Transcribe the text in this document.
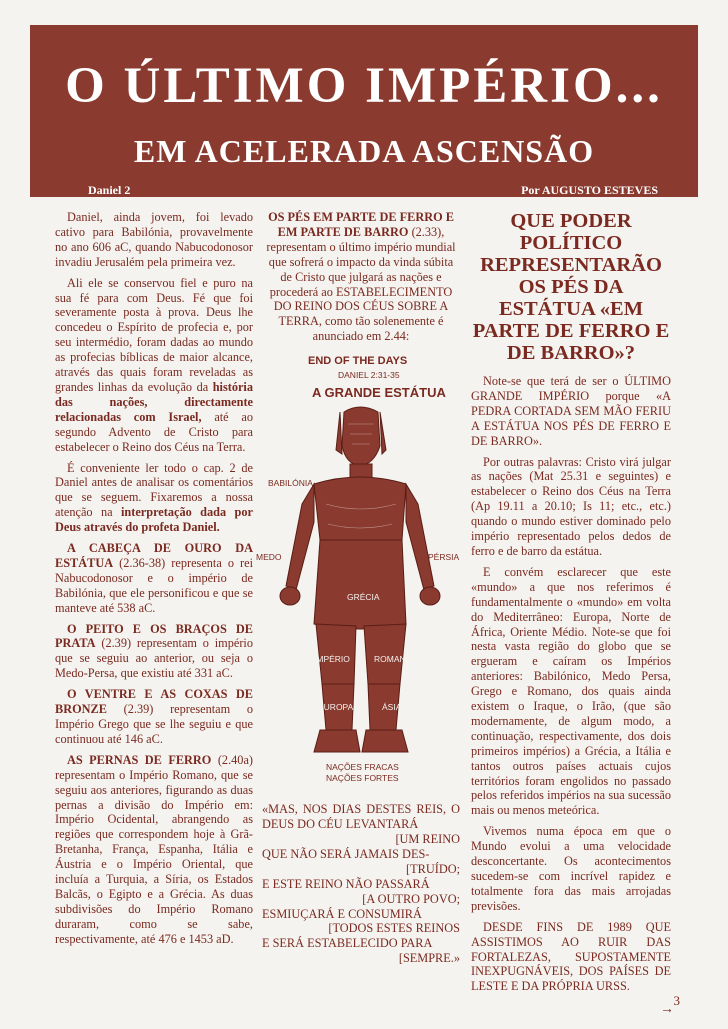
O ÚLTIMO IMPÉRIO...
EM ACELERADA ASCENSÃO
Daniel 2	Por AUGUSTO ESTEVES

Daniel, ainda jovem, foi levado cativo para Babilónia, provavelmente no ano 606 aC, quando Nabucodonosor invadiu Jerusalém pela primeira vez.

Ali ele se conservou fiel e puro na sua fé para com Deus. Fé que foi severamente posta à prova. Deus lhe concedeu o Espírito de profecia e, por seu intermédio, foram dadas ao mundo as profecias bíblicas de maior alcance, através das quais foram reveladas as grandes linhas da evolução da história das nações, directamente relacionadas com Israel, até ao segundo Advento de Cristo para estabelecer o Reino dos Céus na Terra.

É conveniente ler todo o cap. 2 de Daniel antes de analisar os comentários que se seguem. Fixaremos a nossa atenção na interpretação dada por Deus através do profeta Daniel.

A CABEÇA DE OURO DA ESTÁTUA (2.36-38) representa o rei Nabucodonosor e o império de Babilónia, que ele personificou e que se manteve até 538 aC.

O PEITO E OS BRAÇOS DE PRATA (2.39) representam o império que se seguiu ao anterior, ou seja o Medo-Persa, que existiu até 331 aC.

O VENTRE E AS COXAS DE BRONZE (2.39) representam o Império Grego que se lhe seguiu e que continuou até 146 aC.

AS PERNAS DE FERRO (2.40a) representam o Império Romano, que se seguiu aos anteriores, figurando as duas pernas a divisão do Império em: Império Ocidental, abrangendo as regiões que correspondem hoje à Grã-Bretanha, França, Espanha, Itália e Áustria e o Império Oriental, que incluía a Turquia, a Síria, os Estados Balcãs, o Egipto e a Grécia. As duas subdivisões do Império Romano duraram, como se sabe, respectivamente, até 476 e 1453 aD.

OS PÉS EM PARTE DE FERRO E EM PARTE DE BARRO (2.33), representam o último império mundial que sofrerá o impacto da vinda súbita de Cristo que julgará as nações e procederá ao ESTABELECIMENTO DO REINO DOS CÉUS SOBRE A TERRA, como tão solenemente é anunciado em 2.44:

END OF THE DAYS
DANIEL 2:31-35
A GRANDE ESTÁTUA
BABILÓNIA
MEDO	PÉRSIA
GRÉCIA
IMPÉRIO	ROMANO
EUROPA	ÁSIA
NAÇÕES FRACAS
NAÇÕES FORTES
«MAS, NOS DIAS DESTES REIS, O DEUS DO CÉU LEVANTARÁ
[UM REINO
QUE NÃO SERÁ JAMAIS DES-
[TRUÍDO;
E ESTE REINO NÃO PASSARÁ
[A OUTRO POVO;
ESMIUÇARÁ E CONSUMIRÁ
[TODOS ESTES REINOS
E SERÁ ESTABELECIDO PARA
[SEMPRE.»

QUE PODER POLÍTICO REPRESENTARÃO OS PÉS DA ESTÁTUA «EM PARTE DE FERRO E DE BARRO»?

Note-se que terá de ser o ÚLTIMO GRANDE IMPÉRIO porque «A PEDRA CORTADA SEM MÃO FERIU A ESTÁTUA NOS PÉS DE FERRO E DE BARRO».

Por outras palavras: Cristo virá julgar as nações (Mat 25.31 e seguintes) e estabelecer o Reino dos Céus na Terra (Ap 19.11 a 20.10; Is 11; etc., etc.) quando o mundo estiver dominado pelo império representado pelos dedos de ferro e de barro da estátua.

E convém esclarecer que este «mundo» a que nos referimos é fundamentalmente o «mundo» em volta do Mediterrâneo: Europa, Norte de África, Oriente Médio. Note-se que foi nesta vasta região do globo que se ergueram e caíram os Impérios anteriores: Babilónico, Medo Persa, Grego e Romano, dos quais ainda existem o Iraque, o Irão, (que são modernamente, de algum modo, a continuação, respectivamente, dos dois primeiros impérios) a Grécia, a Itália e tantos outros países actuais cujos territórios foram engolidos no passado pelos referidos impérios na sua sucessão mais ou menos meteórica.

Vivemos numa época em que o Mundo evolui a uma velocidade desconcertante. Os acontecimentos sucedem-se com incrível rapidez e totalmente fora das mais arrojadas previsões.

DESDE FINS DE 1989 QUE ASSISTIMOS AO RUIR DAS FORTALEZAS, SUPOSTAMENTE INEXPUGNÁVEIS, DOS PAÍSES DE LESTE E DA PRÓPRIA URSS.

→
3
